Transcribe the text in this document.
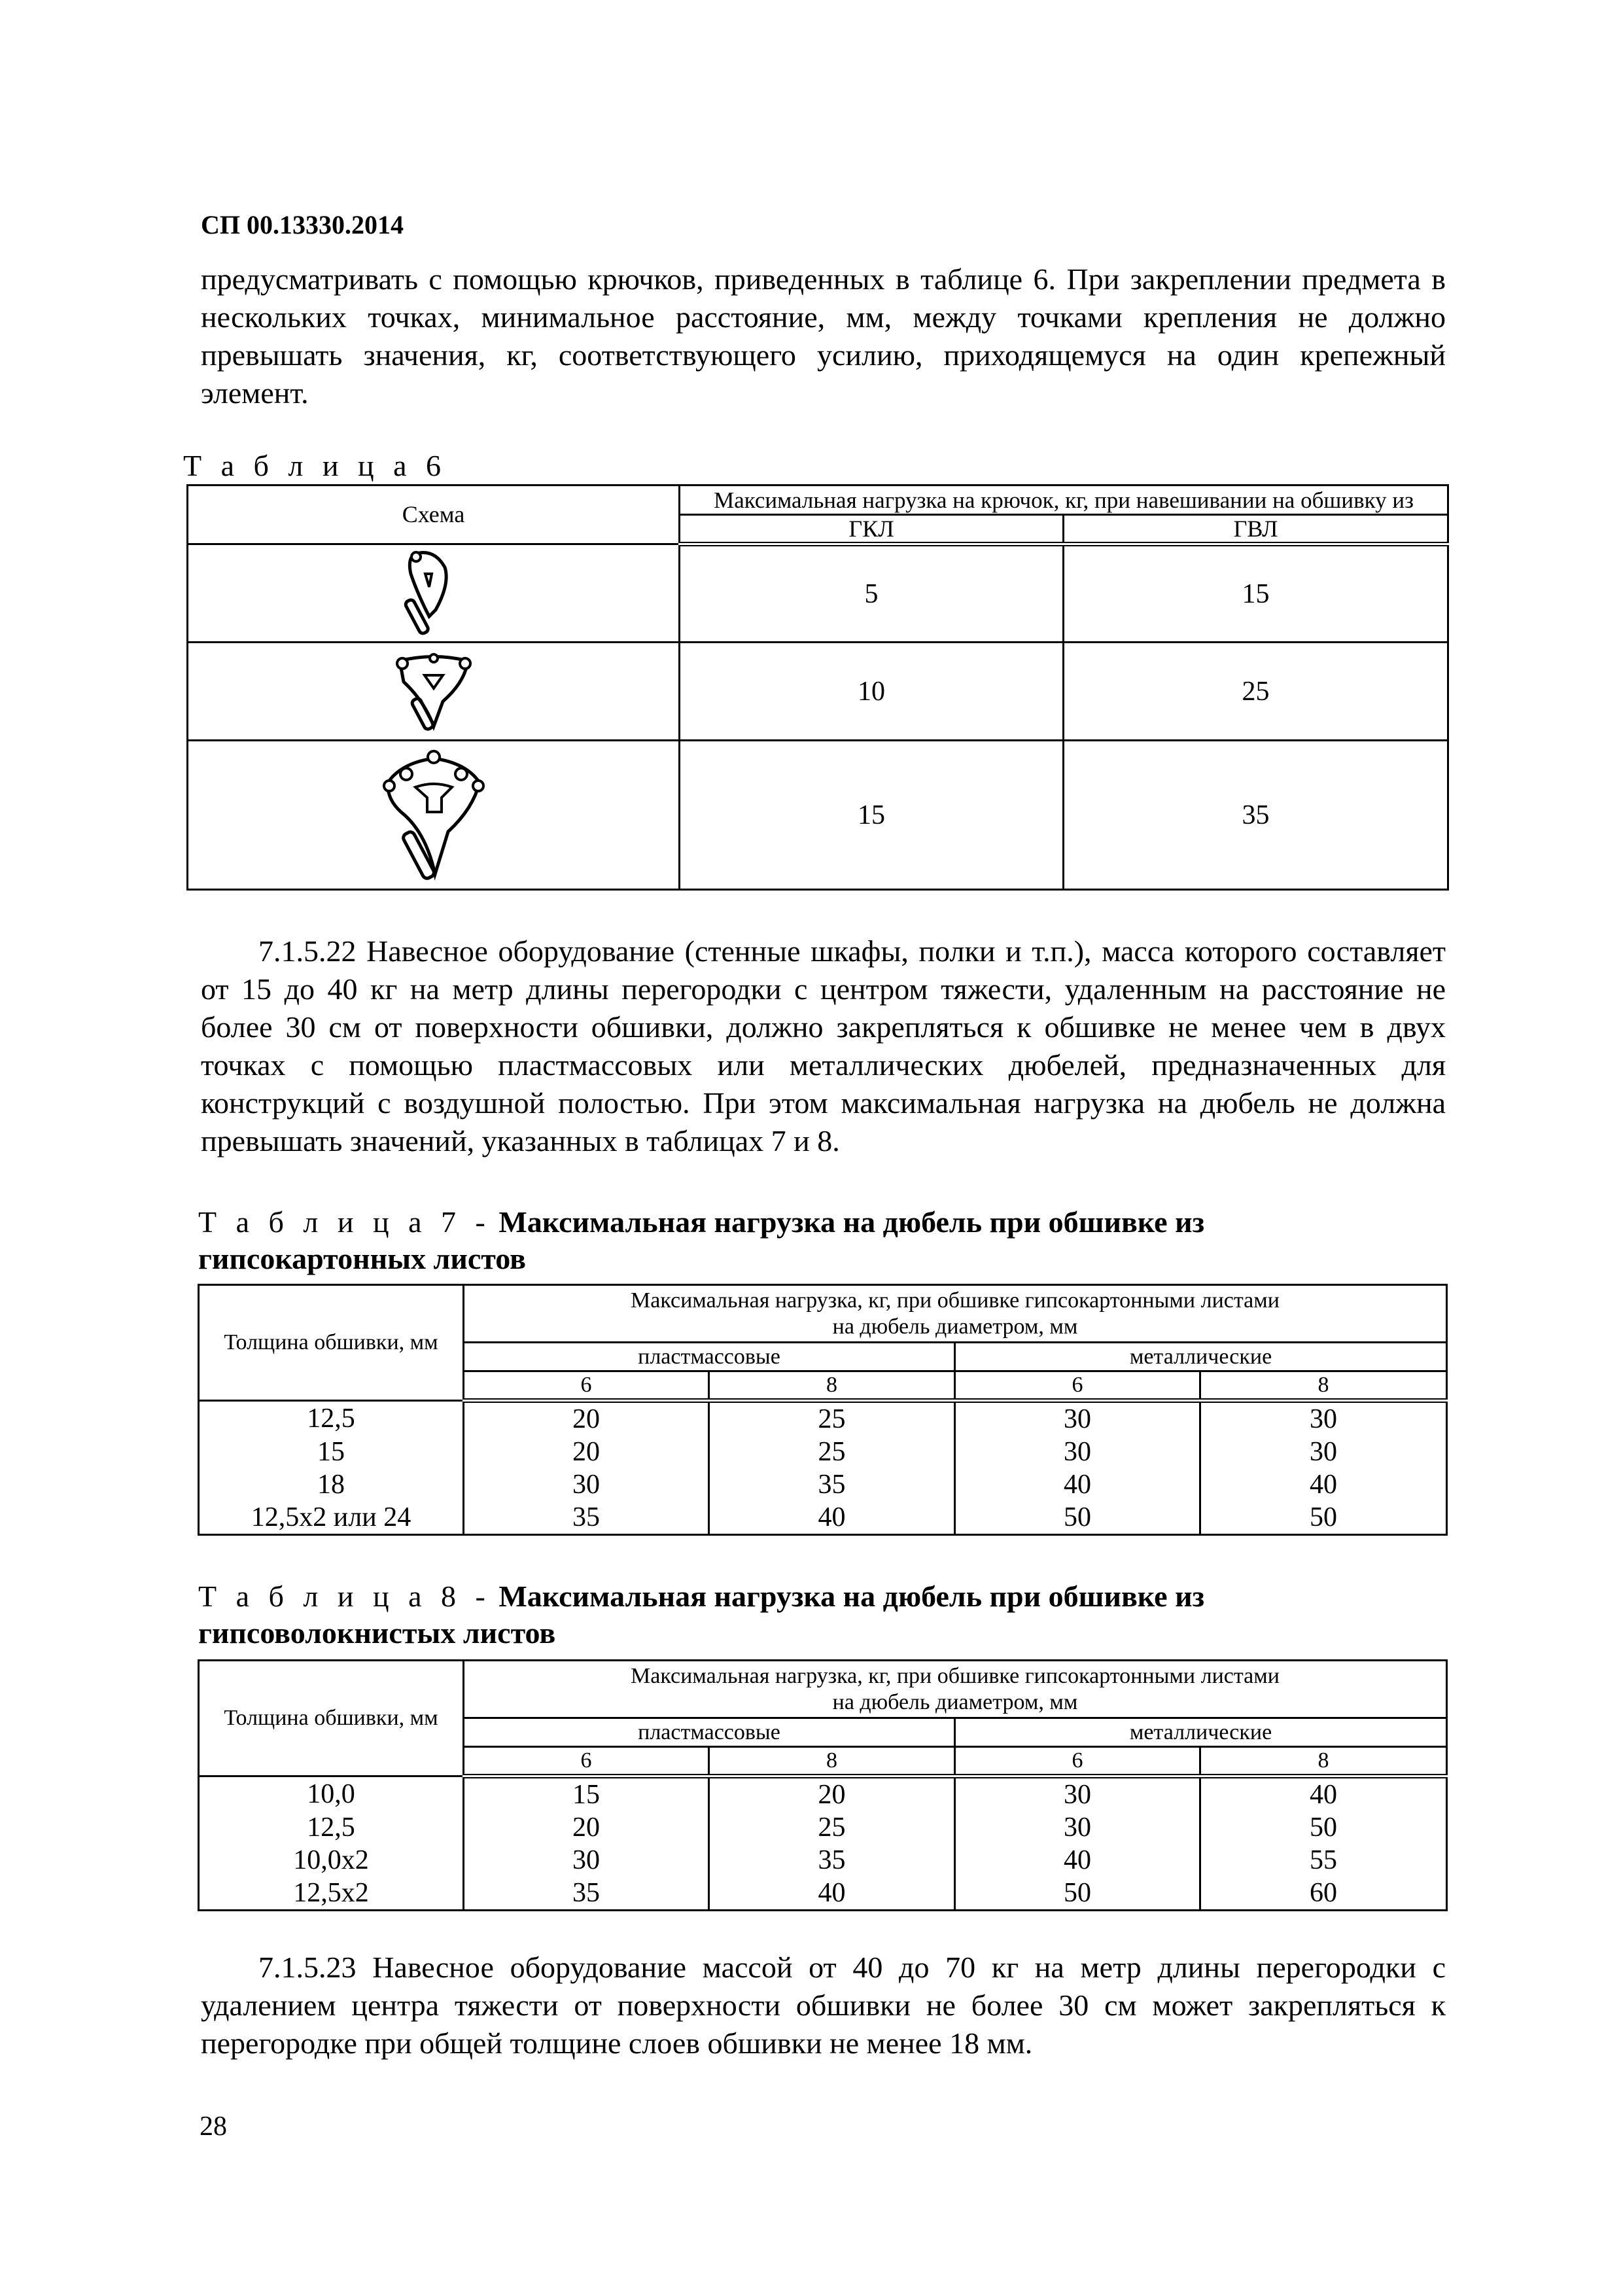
СП 00.13330.2014
предусматривать с помощью крючков, приведенных в таблице 6. При закреплении предмета в нескольких точках, минимальное расстояние, мм, между точками крепления не должно превышать значения, кг, соответствующего усилию, приходящемуся на один крепежный элемент.
Т а б л и ц а 6
Схема	Максимальная нагрузка на крючок, кг, при навешивании на обшивку из	
	ГКЛ	ГВЛ

	5	15

	10	25

	15	35
7.1.5.22 Навесное оборудование (стенные шкафы, полки и т.п.), масса которого составляет от 15 до 40 кг на метр длины перегородки с центром тяжести, удаленным на расстояние не более 30 см от поверхности обшивки, должно закрепляться к обшивке не менее чем в двух точках с помощью пластмассовых или металлических дюбелей, предназначенных для конструкций с воздушной полостью. При этом максимальная нагрузка на дюбель не должна превышать значений, указанных в таблицах 7 и 8.
Т а б л и ц а 7 - Максимальная нагрузка на дюбель при обшивке из гипсокартонных листов
Толщина обшивки, мм	Максимальная нагрузка, кг, при обшивке гипсокартонными листами на дюбель диаметром, мм			
	пластмассовые		металлические	
	6	8	6	8
12,5	20	25	30	30
15	20	25	30	30
18	30	35	40	40
12,5х2 или 24	35	40	50	50
Т а б л и ц а 8 - Максимальная нагрузка на дюбель при обшивке из гипсоволокнистых листов
Толщина обшивки, мм	Максимальная нагрузка, кг, при обшивке гипсокартонными листами на дюбель диаметром, мм			
	пластмассовые		металлические	
	6	8	6	8
10,0	15	20	30	40
12,5	20	25	30	50
10,0х2	30	35	40	55
12,5х2	35	40	50	60
7.1.5.23 Навесное оборудование массой от 40 до 70 кг на метр длины перегородки с удалением центра тяжести от поверхности обшивки не более 30 см может закрепляться к перегородке при общей толщине слоев обшивки не менее 18 мм.
28
